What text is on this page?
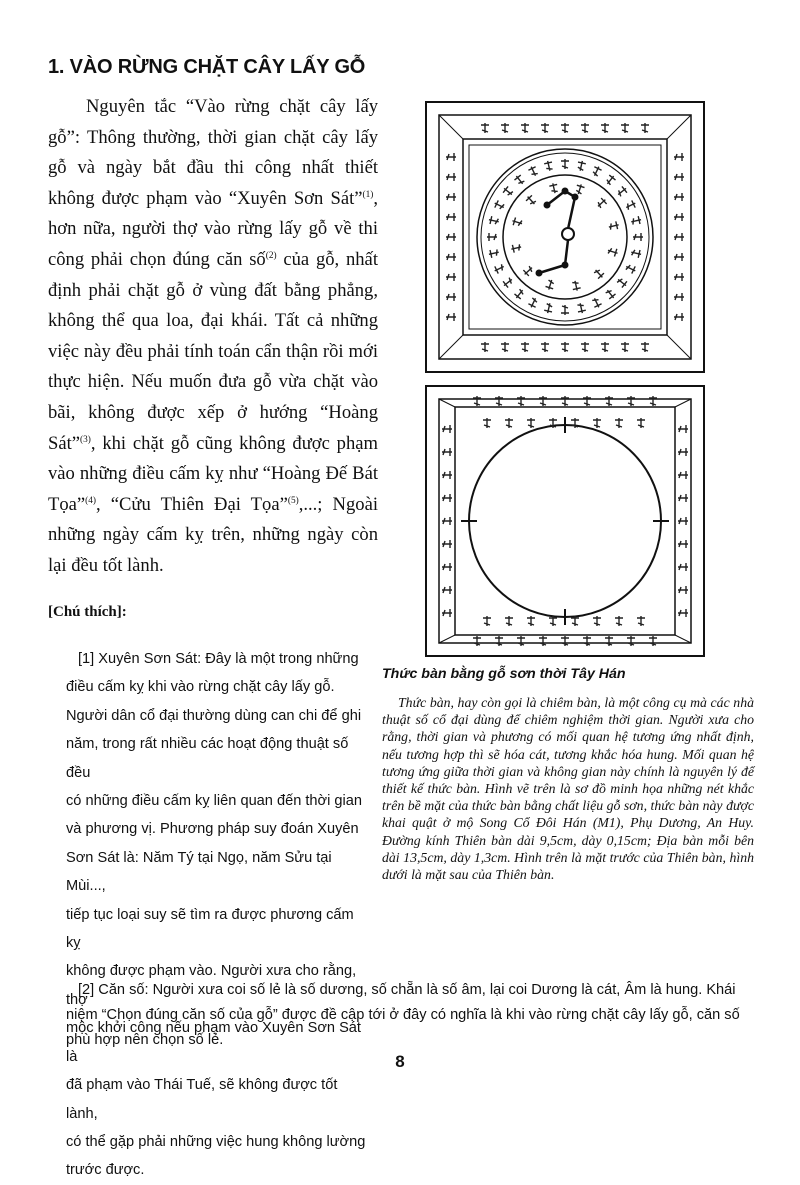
1. VÀO RỪNG CHẶT CÂY LẤY GỖ

Nguyên tắc “Vào rừng chặt cây lấy gỗ”: Thông thường, thời gian chặt cây lấy gỗ và ngày bắt đầu thi công nhất thiết không được phạm vào “Xuyên Sơn Sát”$^{(1)}$, hơn nữa, người thợ vào rừng lấy gỗ về thi công phải chọn đúng căn số$^{(2)}$ của gỗ, nhất định phải chặt gỗ ở vùng đất bằng phẳng, không thể qua loa, đại khái. Tất cả những việc này đều phải tính toán cẩn thận rồi mới thực hiện. Nếu muốn đưa gỗ vừa chặt vào bãi, không được xếp ở hướng “Hoàng Sát”$^{(3)}$, khi chặt gỗ cũng không được phạm vào những điều cấm kỵ như “Hoàng Đế Bát Tọa”$^{(4)}$, “Cửu Thiên Đại Tọa”$^{(5)}$,...; Ngoài những ngày cấm kỵ trên, những ngày còn lại đều tốt lành.

[Chú thích]:

[1] Xuyên Sơn Sát: Đây là một trong những
điều cấm kỵ khi vào rừng chặt cây lấy gỗ.
Người dân cổ đại thường dùng can chi để ghi
năm, trong rất nhiều các hoạt động thuật số đều
có những điều cấm kỵ liên quan đến thời gian
và phương vị. Phương pháp suy đoán Xuyên
Sơn Sát là: Năm Tý tại Ngọ, năm Sửu tại Mùi...,
tiếp tục loại suy sẽ tìm ra được phương cấm kỵ
không được phạm vào. Người xưa cho rằng, thợ
mộc khởi công nếu phạm vào Xuyên Sơn Sát là
đã phạm vào Thái Tuế, sẽ không được tốt lành,
có thể gặp phải những việc hung không lường
trước được.

Thức bàn bằng gỗ sơn thời Tây Hán

Thức bàn, hay còn gọi là chiêm bàn, là một công cụ mà các nhà thuật số cổ đại dùng để chiêm nghiệm thời gian. Người xưa cho rằng, thời gian và phương có mối quan hệ tương ứng nhất định, nếu tương hợp thì sẽ hóa cát, tương khắc hóa hung. Mối quan hệ tương ứng giữa thời gian và không gian này chính là nguyên lý để thiết kế thức bàn. Hình vẽ trên là sơ đồ minh họa những nét khắc trên bề mặt của thức bàn bằng chất liệu gỗ sơn, thức bàn này được khai quật ở mộ Song Cổ Đôi Hán (M1), Phụ Dương, An Huy. Đường kính Thiên bàn dài 9,5cm, dày 0,15cm; Địa bàn mỗi bên dài 13,5cm, dày 1,3cm. Hình trên là mặt trước của Thiên bàn, hình dưới là mặt sau của Thiên bàn.

[2] Căn số: Người xưa coi số lẻ là số dương, số chẵn là số âm, lại coi Dương là cát, Âm là hung. Khái niệm “Chọn đúng căn số của gỗ” được đề cập tới ở đây có nghĩa là khi vào rừng chặt cây lấy gỗ, căn số phù hợp nên chọn số lẻ.

8
